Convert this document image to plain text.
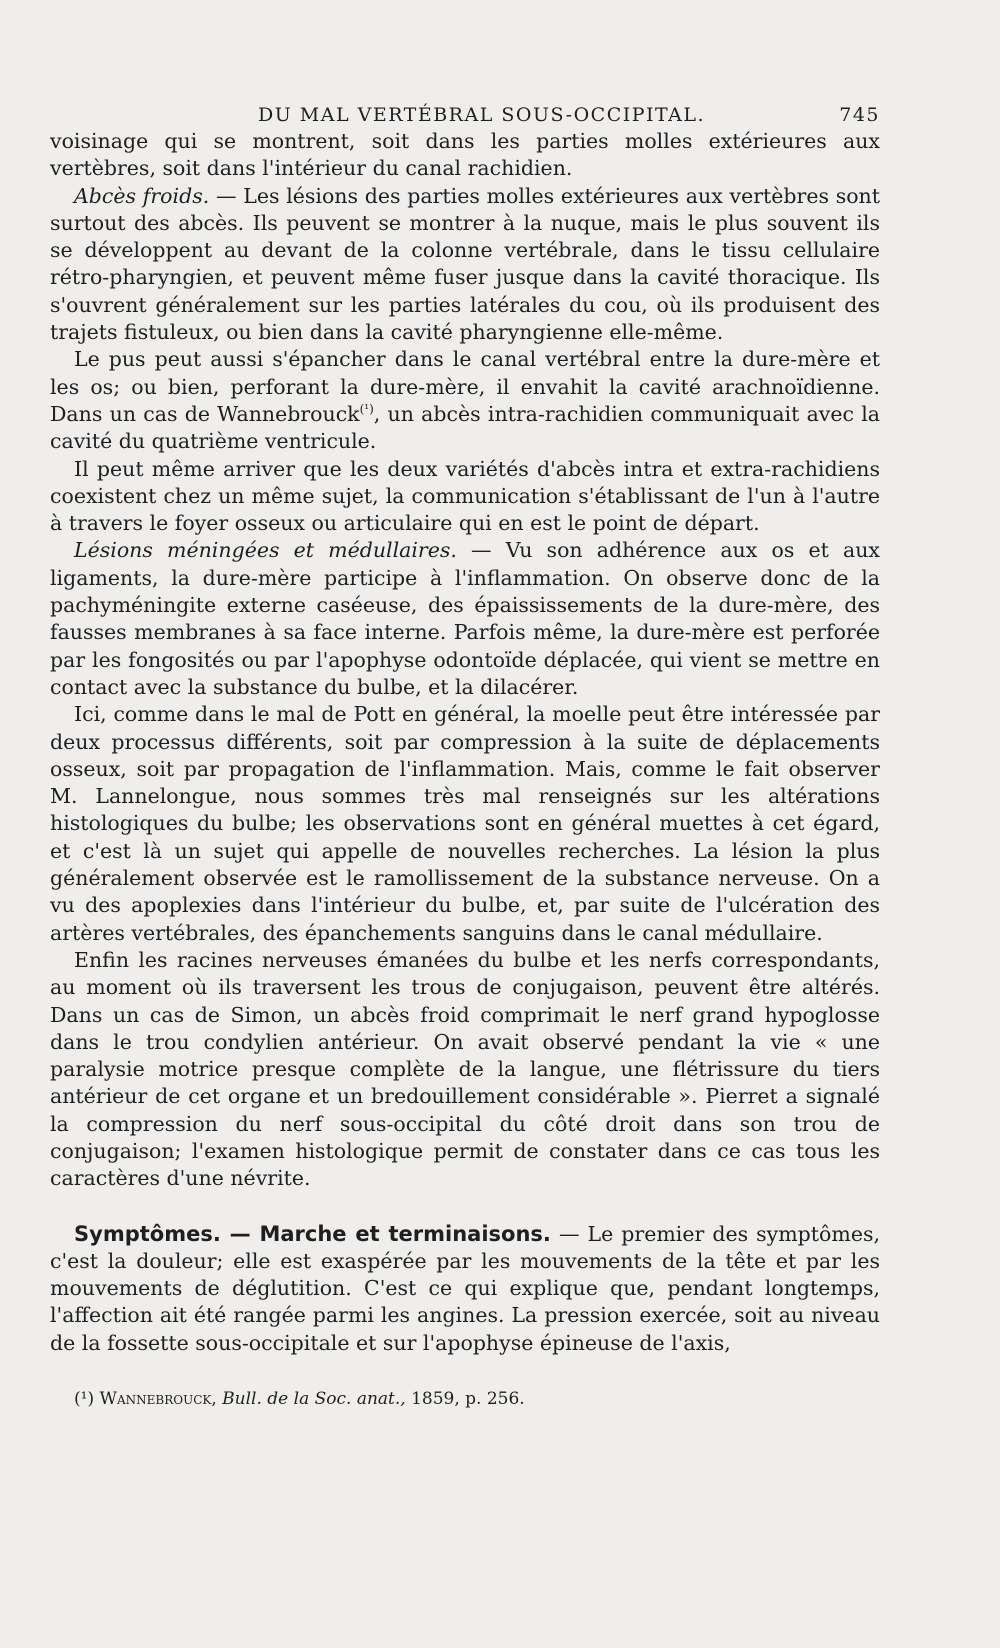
DU MAL VERTÉBRAL SOUS-OCCIPITAL.	745

voisinage qui se montrent, soit dans les parties molles extérieures aux vertèbres, soit dans l'intérieur du canal rachidien.

Abcès froids. — Les lésions des parties molles extérieures aux vertèbres sont surtout des abcès. Ils peuvent se montrer à la nuque, mais le plus souvent ils se développent au devant de la colonne vertébrale, dans le tissu cellulaire rétro-pharyngien, et peuvent même fuser jusque dans la cavité thoracique. Ils s'ouvrent généralement sur les parties latérales du cou, où ils produisent des trajets fistuleux, ou bien dans la cavité pharyngienne elle-même.

Le pus peut aussi s'épancher dans le canal vertébral entre la dure-mère et les os; ou bien, perforant la dure-mère, il envahit la cavité arachnoïdienne. Dans un cas de Wannebrouck$^{(^1)}$, un abcès intra-rachidien communiquait avec la cavité du quatrième ventricule.

Il peut même arriver que les deux variétés d'abcès intra et extra-rachidiens coexistent chez un même sujet, la communication s'établissant de l'un à l'autre à travers le foyer osseux ou articulaire qui en est le point de départ.

Lésions méningées et médullaires. — Vu son adhérence aux os et aux ligaments, la dure-mère participe à l'inflammation. On observe donc de la pachyméningite externe caséeuse, des épaississements de la dure-mère, des fausses membranes à sa face interne. Parfois même, la dure-mère est perforée par les fongosités ou par l'apophyse odontoïde déplacée, qui vient se mettre en contact avec la substance du bulbe, et la dilacérer.

Ici, comme dans le mal de Pott en général, la moelle peut être intéressée par deux processus différents, soit par compression à la suite de déplacements osseux, soit par propagation de l'inflammation. Mais, comme le fait observer M. Lannelongue, nous sommes très mal renseignés sur les altérations histologiques du bulbe; les observations sont en général muettes à cet égard, et c'est là un sujet qui appelle de nouvelles recherches. La lésion la plus généralement observée est le ramollissement de la substance nerveuse. On a vu des apoplexies dans l'intérieur du bulbe, et, par suite de l'ulcération des artères vertébrales, des épanchements sanguins dans le canal médullaire.

Enfin les racines nerveuses émanées du bulbe et les nerfs correspondants, au moment où ils traversent les trous de conjugaison, peuvent être altérés. Dans un cas de Simon, un abcès froid comprimait le nerf grand hypoglosse dans le trou condylien antérieur. On avait observé pendant la vie « une paralysie motrice presque complète de la langue, une flétrissure du tiers antérieur de cet organe et un bredouillement considérable ». Pierret a signalé la compression du nerf sous-occipital du côté droit dans son trou de conjugaison; l'examen histologique permit de constater dans ce cas tous les caractères d'une névrite.

Symptômes. — Marche et terminaisons. — Le premier des symptômes, c'est la douleur; elle est exaspérée par les mouvements de la tête et par les mouvements de déglutition. C'est ce qui explique que, pendant longtemps, l'affection ait été rangée parmi les angines. La pression exercée, soit au niveau de la fossette sous-occipitale et sur l'apophyse épineuse de l'axis,

(¹) Wannebrouck, Bull. de la Soc. anat., 1859, p. 256.
